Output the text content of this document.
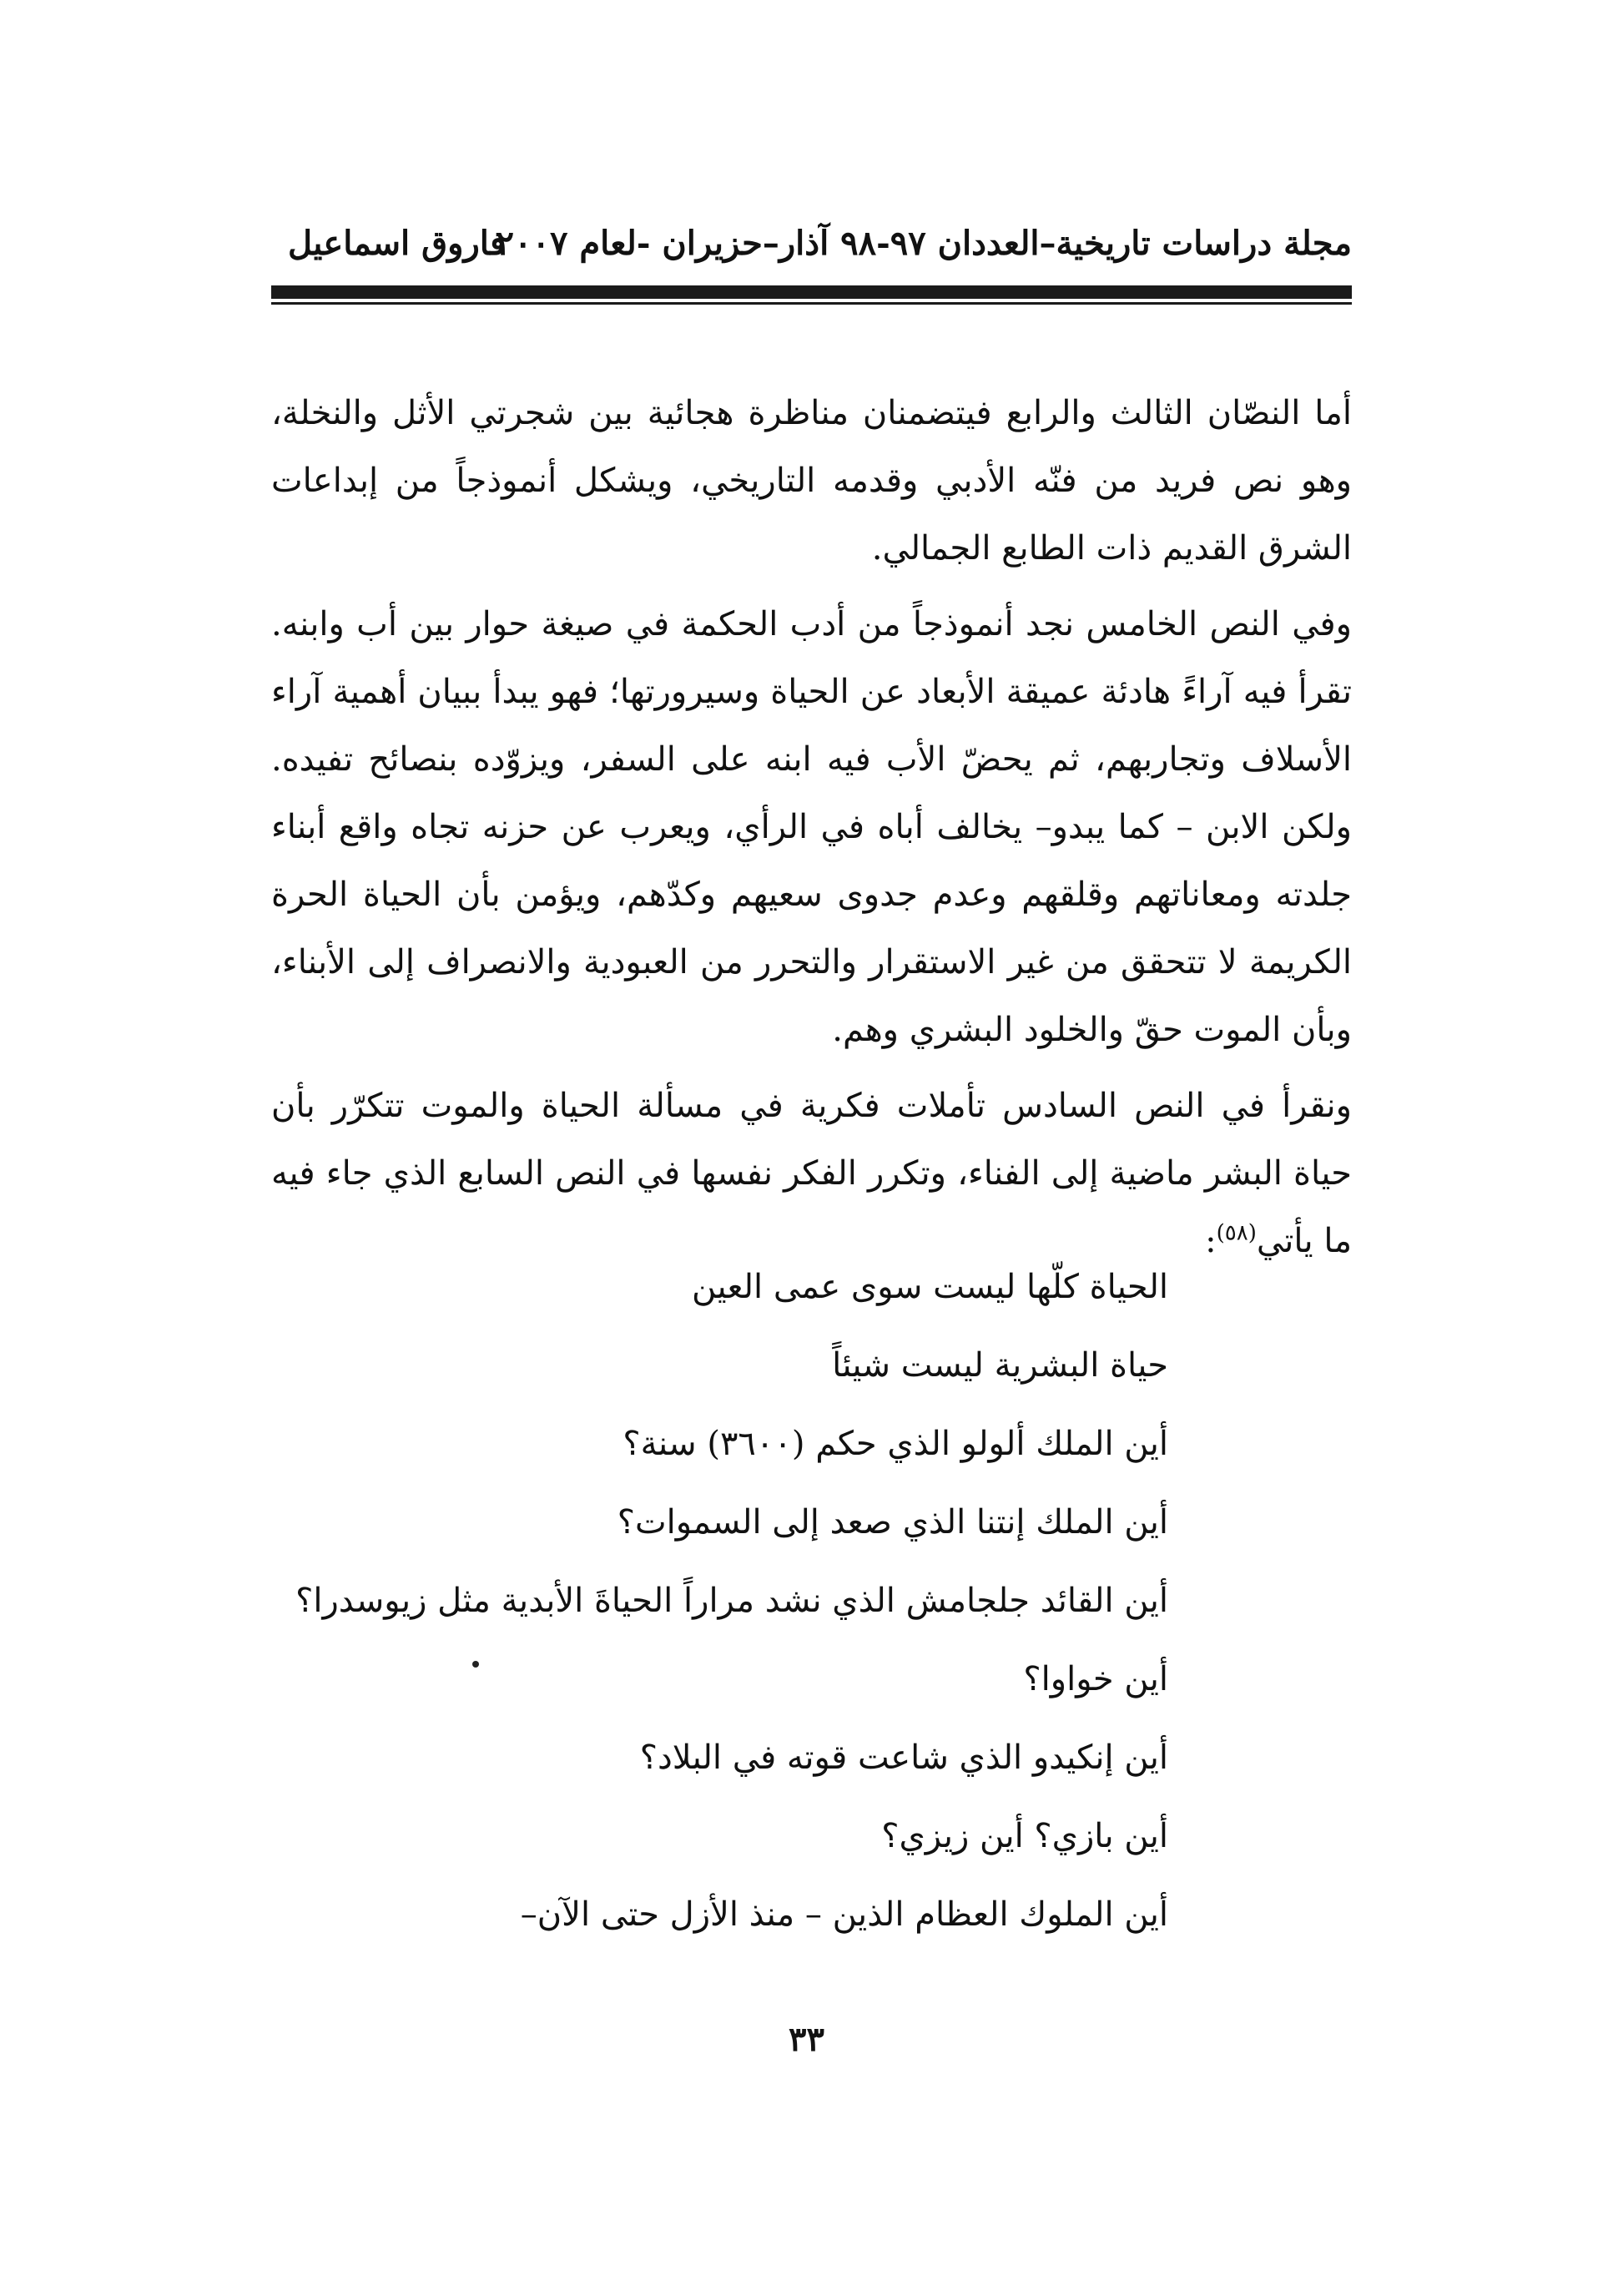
مجلة دراسات تاريخية–العددان ٩٧-٩٨ آذار–حزيران -لعام ٢٠٠٧
فاروق اسماعيل

أما النصّان الثالث والرابع فيتضمنان مناظرة هجائية بين شجرتي الأثل والنخلة، وهو نص فريد من فنّه الأدبي وقدمه التاريخي، ويشكل أنموذجاً من إبداعات الشرق القديم ذات الطابع الجمالي.

وفي النص الخامس نجد أنموذجاً من أدب الحكمة في صيغة حوار بين أب وابنه. تقرأ فيه آراءً هادئة عميقة الأبعاد عن الحياة وسيرورتها؛ فهو يبدأ ببيان أهمية آراء الأسلاف وتجاربهم، ثم يحضّ الأب فيه ابنه على السفر، ويزوّده بنصائح تفيده. ولكن الابن – كما يبدو– يخالف أباه في الرأي، ويعرب عن حزنه تجاه واقع أبناء جلدته ومعاناتهم وقلقهم وعدم جدوى سعيهم وكدّهم، ويؤمن بأن الحياة الحرة الكريمة لا تتحقق من غير الاستقرار والتحرر من العبودية والانصراف إلى الأبناء، وبأن الموت حقّ والخلود البشري وهم.

ونقرأ في النص السادس تأملات فكرية في مسألة الحياة والموت تتكرّر بأن حياة البشر ماضية إلى الفناء، وتكرر الفكر نفسها في النص السابع الذي جاء فيه ما يأتي$^{(٥٨)}$:

الحياة كلّها ليست سوى عمى العين
حياة البشرية ليست شيئاً
أين الملك ألولو الذي حكم (٣٦٠٠) سنة؟
أين الملك إنتنا الذي صعد إلى السموات؟
أين القائد جلجامش الذي نشد مراراً الحياةَ الأبدية مثل زيوسدرا؟
أين خواوا؟
أين إنكيدو الذي شاعت قوته في البلاد؟
أين بازي؟ أين زيزي؟
أين الملوك العظام الذين – منذ الأزل حتى الآن–
٣٣
